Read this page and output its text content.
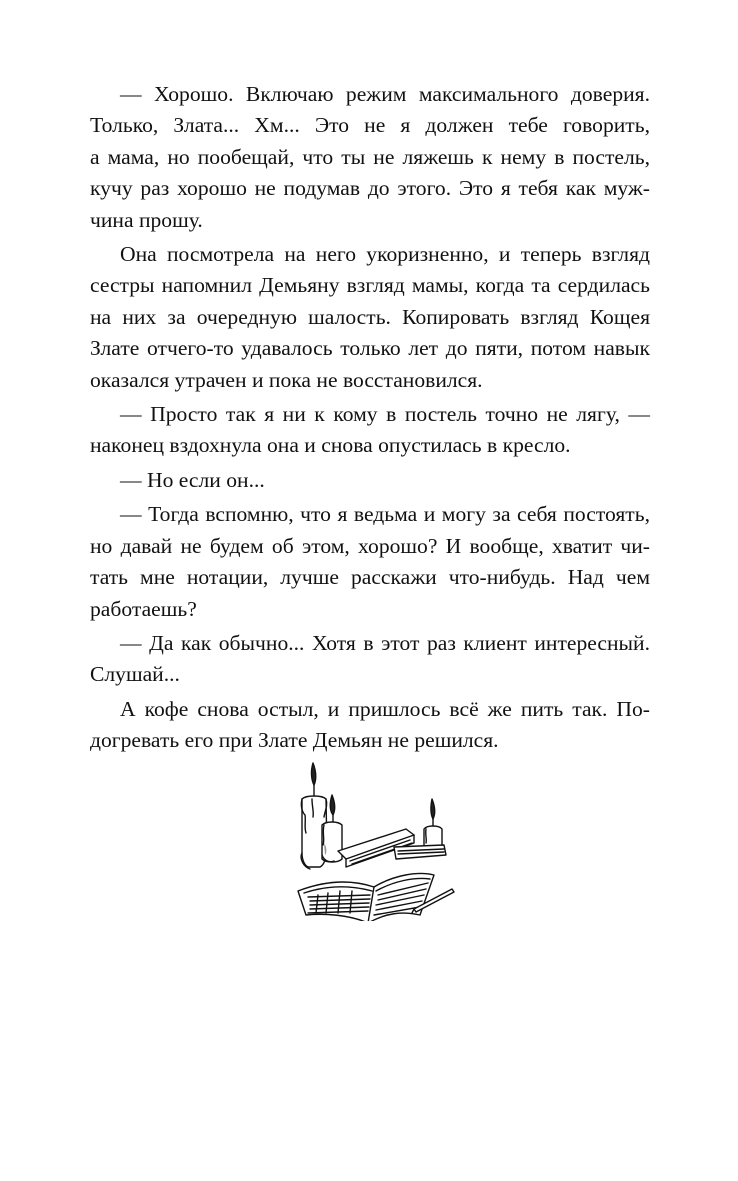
— Хорошо. Включаю режим максимального доверия.
Только, Злата... Хм... Это не я должен тебе говорить,
а мама, но пообещай, что ты не ляжешь к нему в постель,
кучу раз хорошо не подумав до этого. Это я тебя как муж-
чина прошу.

Она посмотрела на него укоризненно, и теперь взгляд
сестры напомнил Демьяну взгляд мамы, когда та сердилась
на них за очередную шалость. Копировать взгляд Кощея
Злате отчего-то удавалось только лет до пяти, потом навык
оказался утрачен и пока не восстановился.

— Просто так я ни к кому в постель точно не лягу, —
наконец вздохнула она и снова опустилась в кресло.

— Но если он...

— Тогда вспомню, что я ведьма и могу за себя постоять,
но давай не будем об этом, хорошо? И вообще, хватит чи-
тать мне нотации, лучше расскажи что-нибудь. Над чем
работаешь?

— Да как обычно... Хотя в этот раз клиент интересный.
Слушай...

А кофе снова остыл, и пришлось всё же пить так. По-
догревать его при Злате Демьян не решился.
